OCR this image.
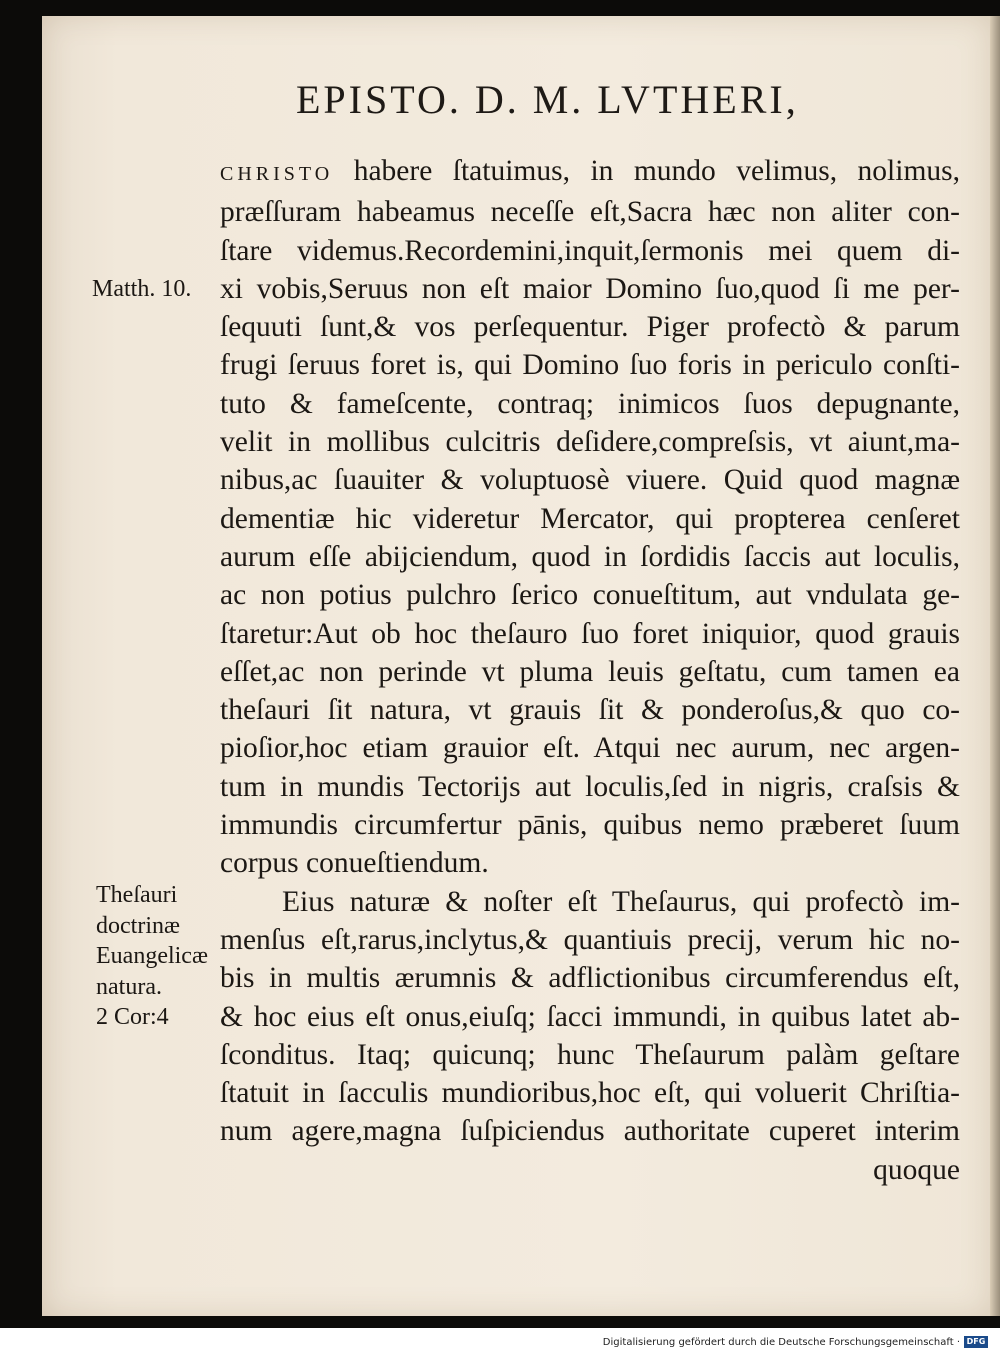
EPISTO. D. M. LVTHERI,
CHRISTO habere ſtatuimus, in mundo velimus, nolimus,
præſſuram habeamus neceſſe eſt,Sacra hæc non aliter con-
ſtare videmus.Recordemini,inquit,ſermonis mei quem di-
xi vobis,Seruus non eſt maior Domino ſuo,quod ſi me per-
ſequuti ſunt,& vos perſequentur. Piger profectò & parum
frugi ſeruus foret is, qui Domino ſuo foris in periculo conſti-
tuto & fameſcente, contraq; inimicos ſuos depugnante,
velit in mollibus culcitris deſidere,compreſsis, vt aiunt,ma-
nibus,ac ſuauiter & voluptuosè viuere. Quid quod magnæ
dementiæ hic videretur Mercator, qui propterea cenſeret
aurum eſſe abijciendum, quod in ſordidis ſaccis aut loculis,
ac non potius pulchro ſerico conueſtitum, aut vndulata ge-
ſtaretur:Aut ob hoc theſauro ſuo foret iniquior, quod grauis
eſſet,ac non perinde vt pluma leuis geſtatu, cum tamen ea
theſauri ſit natura, vt grauis ſit & ponderoſus,& quo co-
pioſior,hoc etiam grauior eſt. Atqui nec aurum, nec argen-
tum in mundis Tectorijs aut loculis,ſed in nigris, craſsis &
immundis circumfertur pānis, quibus nemo præberet ſuum
corpus conueſtiendum.
Eius naturæ & noſter eſt Theſaurus, qui profectò im-
menſus eſt,rarus,inclytus,& quantiuis precij, verum hic no-
bis in multis ærumnis & adflictionibus circumferendus eſt,
& hoc eius eſt onus,eiuſq; ſacci immundi, in quibus latet ab-
ſconditus. Itaq; quicunq; hunc Theſaurum palàm geſtare
ſtatuit in ſacculis mundioribus,hoc eſt, qui voluerit Chriſtia-
num agere,magna ſuſpiciendus authoritate cuperet interim
quoque
Matth. 10.
Theſauri
doctrinæ
Euangelicæ
natura.
2 Cor:4
Digitalisierung gefördert durch die Deutsche Forschungsgemeinschaft · DFG
